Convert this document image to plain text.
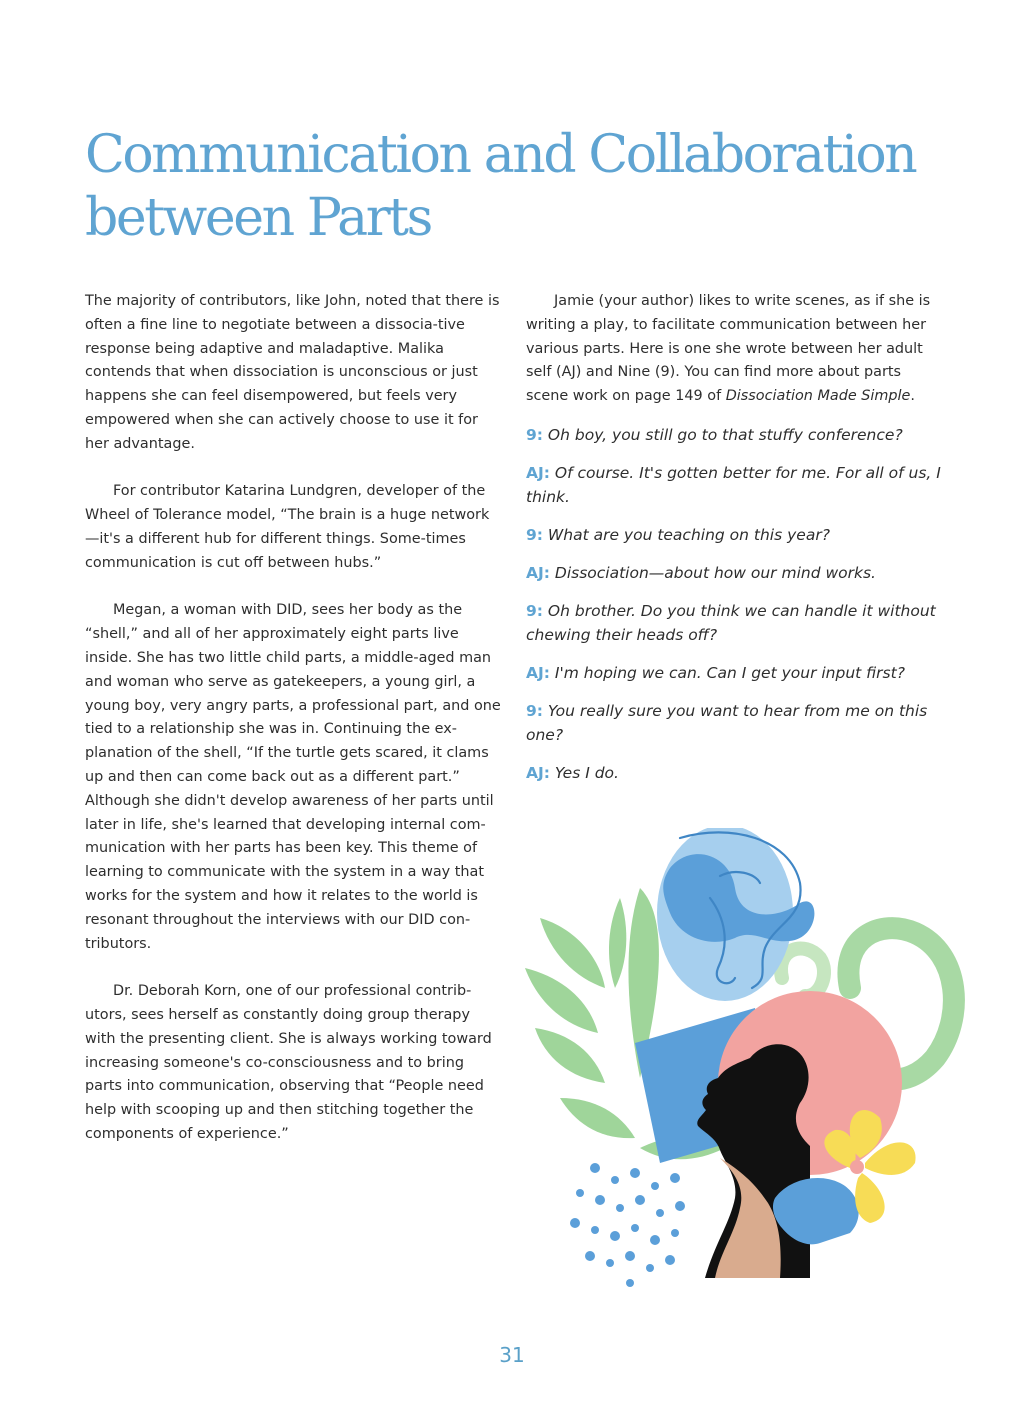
Communication and Collaboration
between Parts

The majority of contributors, like John, noted that there is often a fine line to negotiate between a dissocia-tive response being adaptive and maladaptive. Malika contends that when dissociation is unconscious or just happens she can feel disempowered, but feels very empowered when she can actively choose to use it for her advantage.

For contributor Katarina Lundgren, developer of the Wheel of Tolerance model, “The brain is a huge network—it's a different hub for different things. Some-times communication is cut off between hubs.”

Megan, a woman with DID, sees her body as the “shell,” and all of her approximately eight parts live inside. She has two little child parts, a middle-aged man and woman who serve as gatekeepers, a young girl, a young boy, very angry parts, a professional part, and one tied to a relationship she was in. Continuing the ex-planation of the shell, “If the turtle gets scared, it clams up and then can come back out as a different part.” Although she didn't develop awareness of her parts until later in life, she's learned that developing internal com-munication with her parts has been key. This theme of learning to communicate with the system in a way that works for the system and how it relates to the world is resonant throughout the interviews with our DID con-tributors.

Dr. Deborah Korn, one of our professional contrib-utors, sees herself as constantly doing group therapy with the presenting client. She is always working toward increasing someone's co-consciousness and to bring parts into communication, observing that “People need help with scooping up and then stitching together the components of experience.”

Jamie (your author) likes to write scenes, as if she is writing a play, to facilitate communication between her various parts. Here is one she wrote between her adult self (AJ) and Nine (9). You can find more about parts scene work on page 149 of Dissociation Made Simple.

9: Oh boy, you still go to that stuffy conference?

AJ: Of course. It's gotten better for me. For all of us, I think.

9: What are you teaching on this year?

AJ: Dissociation—about how our mind works.

9: Oh brother. Do you think we can handle it without chewing their heads off?

AJ: I'm hoping we can. Can I get your input first?

9: You really sure you want to hear from me on this one?

AJ: Yes I do.

31
